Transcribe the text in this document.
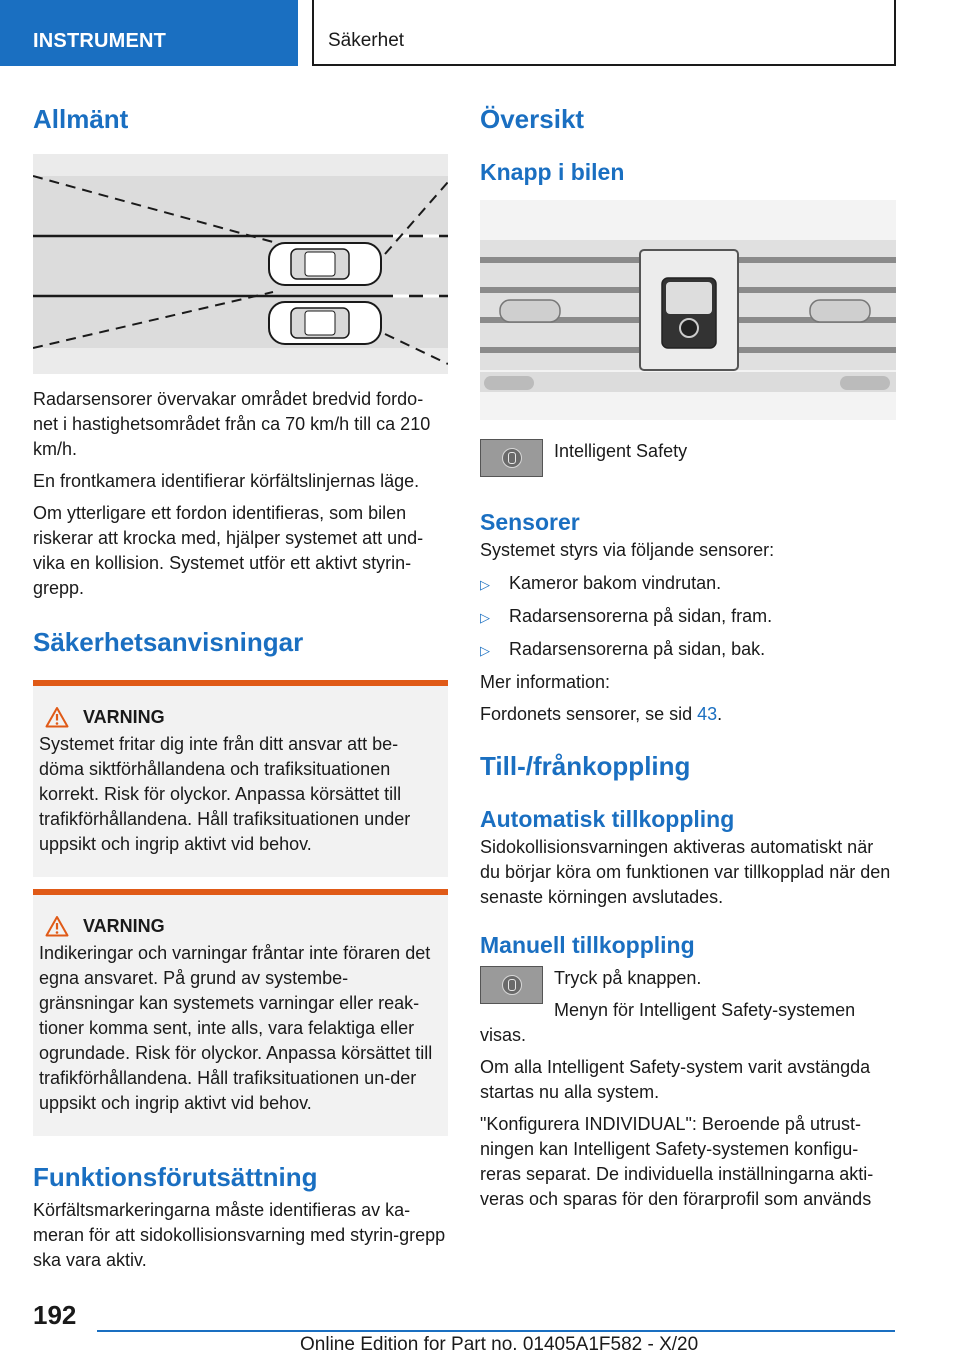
INSTRUMENT	Säkerhet
Allmänt

Radarsensorer övervakar området bredvid fordo-net i hastighetsområdet från ca 70 km/h till ca 210 km/h.

En frontkamera identifierar körfältslinjernas läge.

Om ytterligare ett fordon identifieras, som bilen riskerar att krocka med, hjälper systemet att und-vika en kollision. Systemet utför ett aktivt styrin-grepp.

Säkerhetsanvisningar
VARNING

Systemet fritar dig inte från ditt ansvar att be-döma siktförhållandena och trafiksituationen korrekt. Risk för olyckor. Anpassa körsättet till trafikförhållandena. Håll trafiksituationen under uppsikt och ingrip aktivt vid behov.

VARNING

Indikeringar och varningar fråntar inte föraren det egna ansvaret. På grund av systembe-gränsningar kan systemets varningar eller reak-tioner komma sent, inte alls, vara felaktiga eller ogrundade. Risk för olyckor. Anpassa körsättet till trafikförhållandena. Håll trafiksituationen un-der uppsikt och ingrip aktivt vid behov.

Funktionsförutsättning

Körfältsmarkeringarna måste identifieras av ka-meran för att sidokollisionsvarning med styrin-grepp ska vara aktiv.

Översikt
Knapp i bilen
Intelligent Safety
Sensorer

Systemet styrs via följande sensorer:

▷	Kameror bakom vindrutan.
▷	Radarsensorerna på sidan, fram.
▷	Radarsensorerna på sidan, bak.

Mer information:

Fordonets sensorer, se sid 43.

Till-/frånkoppling
Automatisk tillkoppling

Sidokollisionsvarningen aktiveras automatiskt när du börjar köra om funktionen var tillkopplad när den senaste körningen avslutades.

Manuell tillkoppling

Tryck på knappen.

Menyn för Intelligent Safety-systemen

visas.

Om alla Intelligent Safety-system varit avstängda startas nu alla system.

"Konfigurera INDIVIDUAL": Beroende på utrust-ningen kan Intelligent Safety-systemen konfigu-reras separat. De individuella inställningarna akti-veras och sparas för den förarprofil som används

192
Online Edition for Part no. 01405A1F582 - X/20
